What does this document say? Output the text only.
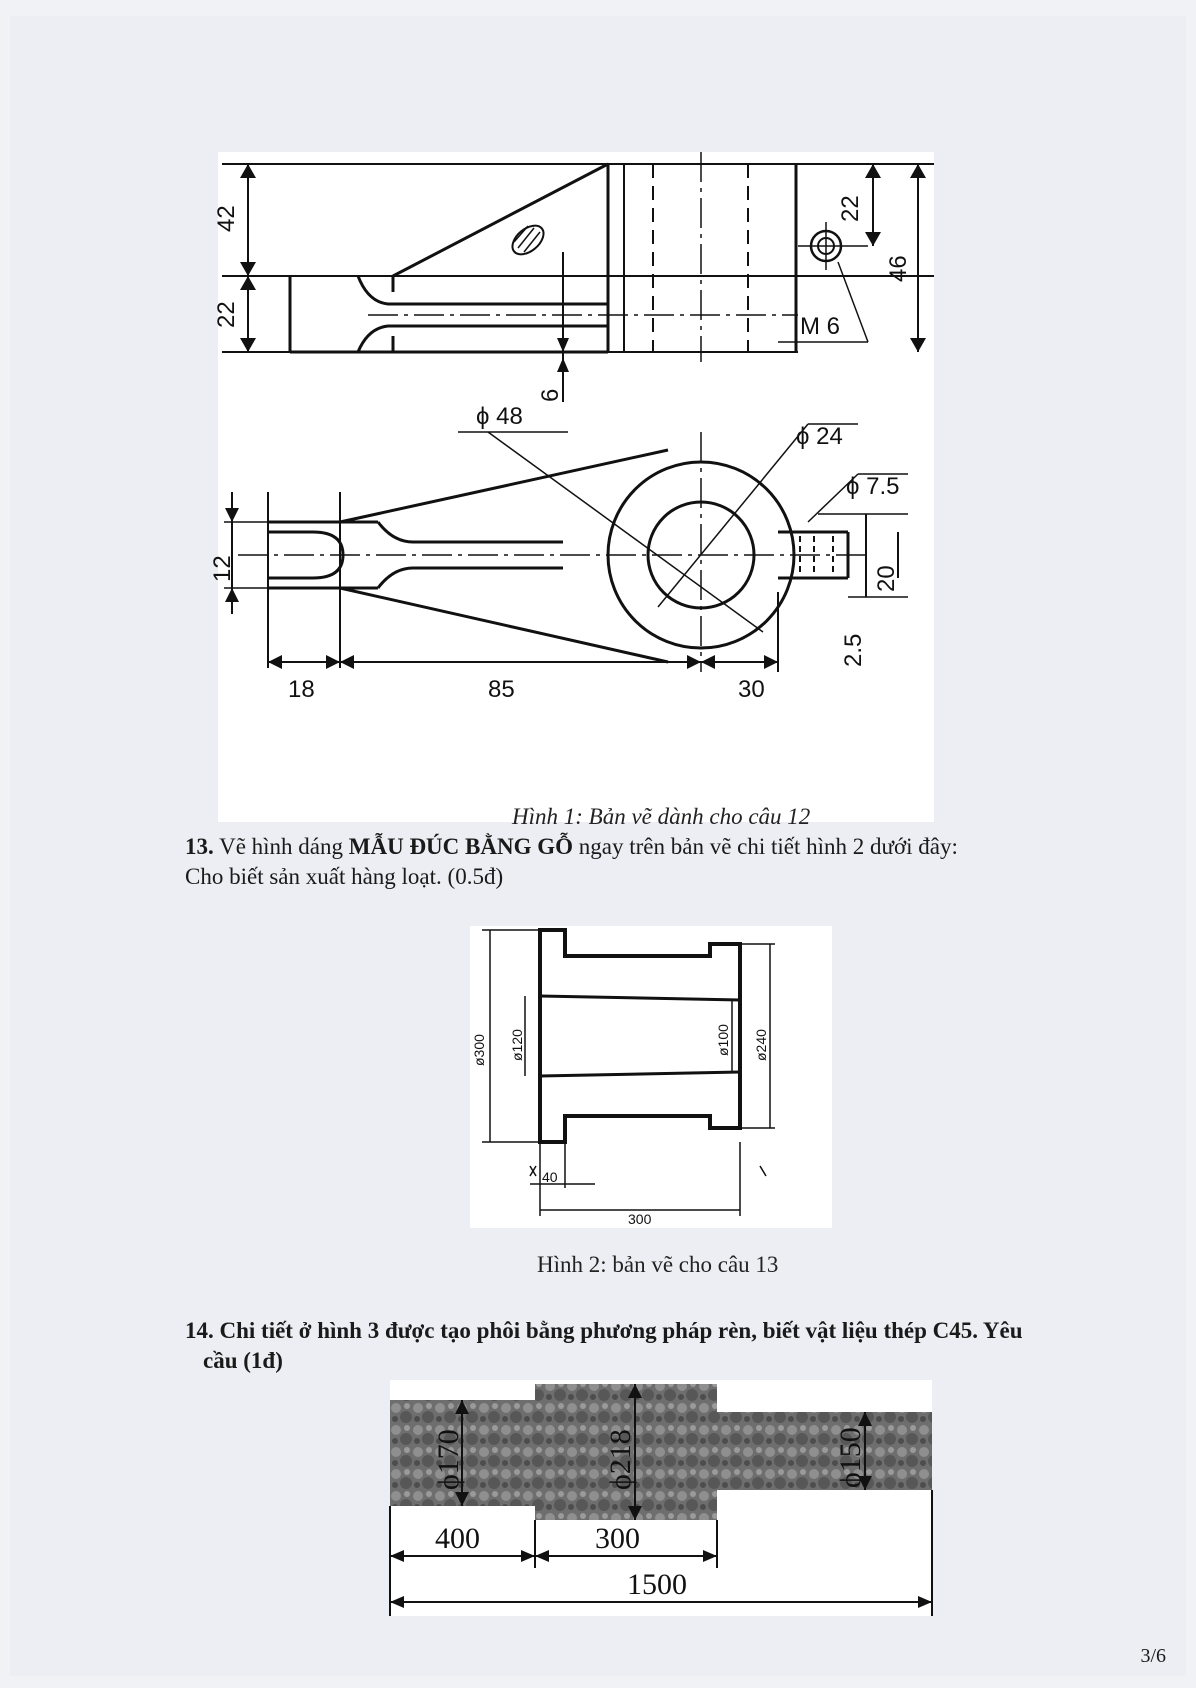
42
22
6
22
46
M 6
ϕ 48
ϕ 24
ϕ 7.5
12	20
2.5
18	85	30
Hình 1: Bản vẽ dành cho câu 12
13. Vẽ hình dáng MẪU ĐÚC BẰNG GỖ ngay trên bản vẽ chi tiết hình 2 dưới đây:
Cho biết sản xuất hàng loạt. (0.5đ)
ø300 ø120	ø100 ø240
40
300
Hình 2: bản vẽ cho câu 13
14. Chi tiết ở hình 3 được tạo phôi bằng phương pháp rèn, biết vật liệu thép C45. Yêu
cầu (1đ)
ϕ170	ϕ218	ϕ150
400	300
1500
3/6
